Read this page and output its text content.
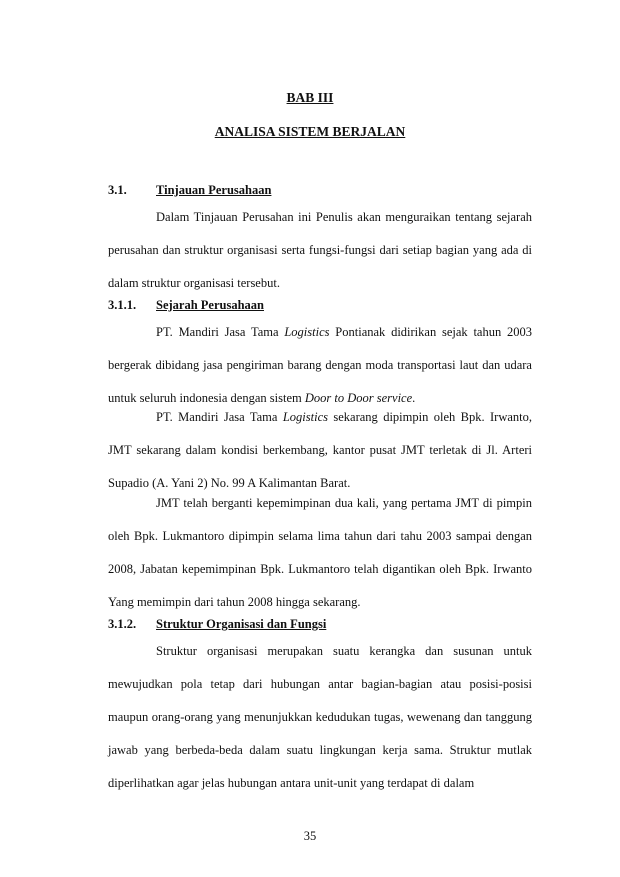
BAB III
ANALISA SISTEM BERJALAN
3.1. Tinjauan Perusahaan

Dalam Tinjauan Perusahan ini Penulis akan menguraikan tentang sejarah perusahan dan struktur organisasi serta fungsi-fungsi dari setiap bagian yang ada di dalam struktur organisasi tersebut.

3.1.1. Sejarah Perusahaan

PT. Mandiri Jasa Tama Logistics Pontianak didirikan sejak tahun 2003 bergerak dibidang jasa pengiriman barang dengan moda transportasi laut dan udara untuk seluruh indonesia dengan sistem Door to Door service.

PT. Mandiri Jasa Tama Logistics sekarang dipimpin oleh Bpk. Irwanto, JMT sekarang dalam kondisi berkembang, kantor pusat JMT terletak di Jl. Arteri Supadio (A. Yani 2) No. 99 A Kalimantan Barat.

JMT telah berganti kepemimpinan dua kali, yang pertama JMT di pimpin oleh Bpk. Lukmantoro dipimpin selama lima tahun dari tahu 2003 sampai dengan 2008, Jabatan kepemimpinan Bpk. Lukmantoro telah digantikan oleh Bpk. Irwanto Yang memimpin dari tahun 2008 hingga sekarang.

3.1.2. Struktur Organisasi dan Fungsi

Struktur organisasi merupakan suatu kerangka dan susunan untuk mewujudkan pola tetap dari hubungan antar bagian-bagian atau posisi-posisi maupun orang-orang yang menunjukkan kedudukan tugas, wewenang dan tanggung jawab yang berbeda-beda dalam suatu lingkungan kerja sama. Struktur mutlak diperlihatkan agar jelas hubungan antara unit-unit yang terdapat di dalam

35
